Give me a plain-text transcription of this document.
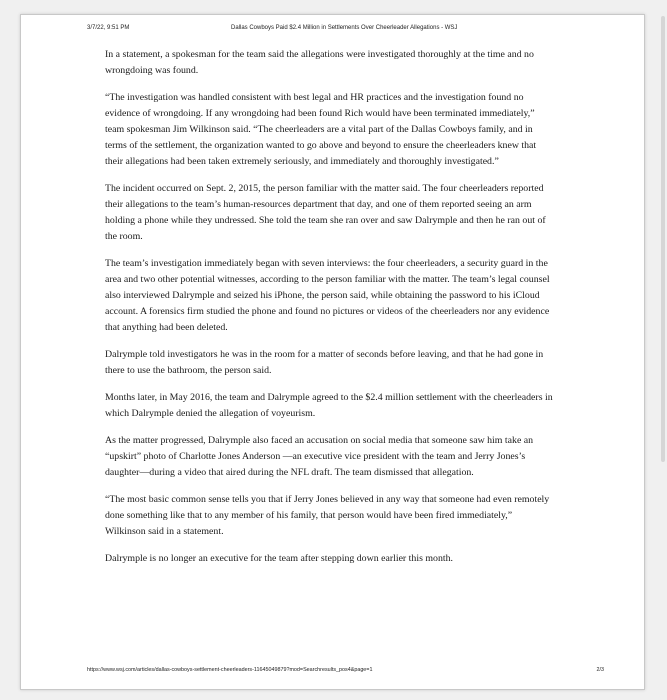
3/7/22, 9:51 PM	Dallas Cowboys Paid $2.4 Million in Settlements Over Cheerleader Allegations - WSJ

In a statement, a spokesman for the team said the allegations were investigated thoroughly at the time and no wrongdoing was found.

“The investigation was handled consistent with best legal and HR practices and the investigation found no evidence of wrongdoing. If any wrongdoing had been found Rich would have been terminated immediately,” team spokesman Jim Wilkinson said. “The cheerleaders are a vital part of the Dallas Cowboys family, and in terms of the settlement, the organization wanted to go above and beyond to ensure the cheerleaders knew that their allegations had been taken extremely seriously, and immediately and thoroughly investigated.”

The incident occurred on Sept. 2, 2015, the person familiar with the matter said. The four cheerleaders reported their allegations to the team’s human-resources department that day, and one of them reported seeing an arm holding a phone while they undressed. She told the team she ran over and saw Dalrymple and then he ran out of the room.

The team’s investigation immediately began with seven interviews: the four cheerleaders, a security guard in the area and two other potential witnesses, according to the person familiar with the matter. The team’s legal counsel also interviewed Dalrymple and seized his iPhone, the person said, while obtaining the password to his iCloud account. A forensics firm studied the phone and found no pictures or videos of the cheerleaders nor any evidence that anything had been deleted.

Dalrymple told investigators he was in the room for a matter of seconds before leaving, and that he had gone in there to use the bathroom, the person said.

Months later, in May 2016, the team and Dalrymple agreed to the $2.4 million settlement with the cheerleaders in which Dalrymple denied the allegation of voyeurism.

As the matter progressed, Dalrymple also faced an accusation on social media that someone saw him take an “upskirt” photo of Charlotte Jones Anderson —an executive vice president with the team and Jerry Jones’s daughter—during a video that aired during the NFL draft. The team dismissed that allegation.

“The most basic common sense tells you that if Jerry Jones believed in any way that someone had even remotely done something like that to any member of his family, that person would have been fired immediately,” Wilkinson said in a statement.

Dalrymple is no longer an executive for the team after stepping down earlier this month.

https://www.wsj.com/articles/dallas-cowboys-settlement-cheerleaders-11645049879?mod=Searchresults_pos4&page=1	2/3
